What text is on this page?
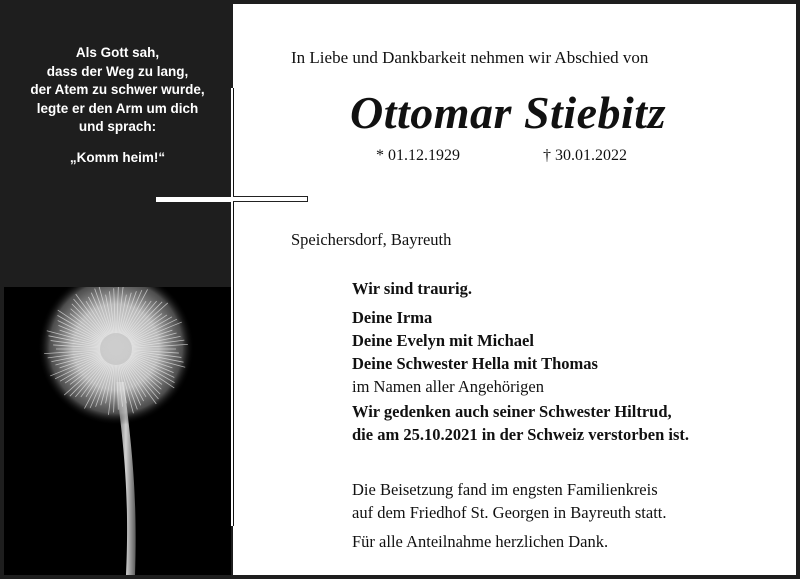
Als Gott sah,
dass der Weg zu lang,
der Atem zu schwer wurde,
legte er den Arm um dich
und sprach:
„Komm heim!“
In Liebe und Dankbarkeit nehmen wir Abschied von
Ottomar Stiebitz
* 01.12.1929	† 30.01.2022
Speichersdorf, Bayreuth
Wir sind traurig.
Deine Irma
Deine Evelyn mit Michael
Deine Schwester Hella mit Thomas
im Namen aller Angehörigen
Wir gedenken auch seiner Schwester Hiltrud,
die am 25.10.2021 in der Schweiz verstorben ist.
Die Beisetzung fand im engsten Familienkreis
auf dem Friedhof St. Georgen in Bayreuth statt.
Für alle Anteilnahme herzlichen Dank.
